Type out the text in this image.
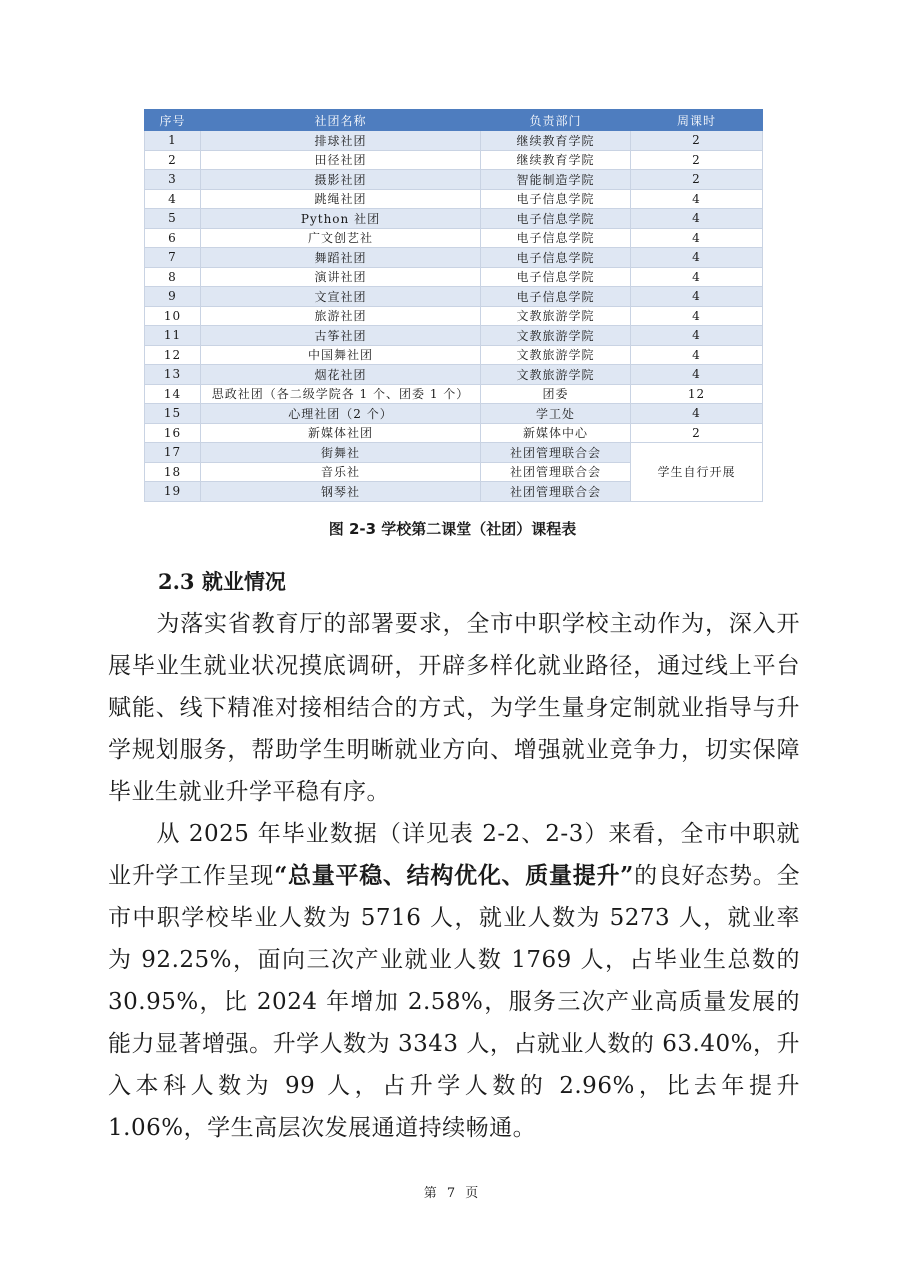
序号	社团名称	负责部门	周课时
1	排球社团	继续教育学院	2
2	田径社团	继续教育学院	2
3	摄影社团	智能制造学院	2
4	跳绳社团	电子信息学院	4
5	Python 社团	电子信息学院	4
6	广文创艺社	电子信息学院	4
7	舞蹈社团	电子信息学院	4
8	演讲社团	电子信息学院	4
9	文宣社团	电子信息学院	4
10	旅游社团	文教旅游学院	4
11	古筝社团	文教旅游学院	4
12	中国舞社团	文教旅游学院	4
13	烟花社团	文教旅游学院	4
14	思政社团（各二级学院各 1 个、团委 1 个）	团委	12
15	心理社团（2 个）	学工处	4
16	新媒体社团	新媒体中心	2
17	街舞社	社团管理联合会	学生自行开展
18	音乐社	社团管理联合会	
19	钢琴社	社团管理联合会	
图 2-3 学校第二课堂（社团）课程表
2.3 就业情况
为落实省教育厅的部署要求，全市中职学校主动作为，深入开展毕业生就业状况摸底调研，开辟多样化就业路径，通过线上平台赋能、线下精准对接相结合的方式，为学生量身定制就业指导与升学规划服务，帮助学生明晰就业方向、增强就业竞争力，切实保障毕业生就业升学平稳有序。
从 2025 年毕业数据（详见表 2-2、2-3）来看，全市中职就业升学工作呈现“总量平稳、结构优化、质量提升”的良好态势。全市中职学校毕业人数为 5716 人，就业人数为 5273 人，就业率为 92.25%，面向三次产业就业人数 1769 人，占毕业生总数的 30.95%，比 2024 年增加 2.58%，服务三次产业高质量发展的能力显著增强。升学人数为 3343 人，占就业人数的 63.40%，升入本科人数为 99 人，占升学人数的 2.96%，比去年提升 1.06%，学生高层次发展通道持续畅通。
第 7 页
